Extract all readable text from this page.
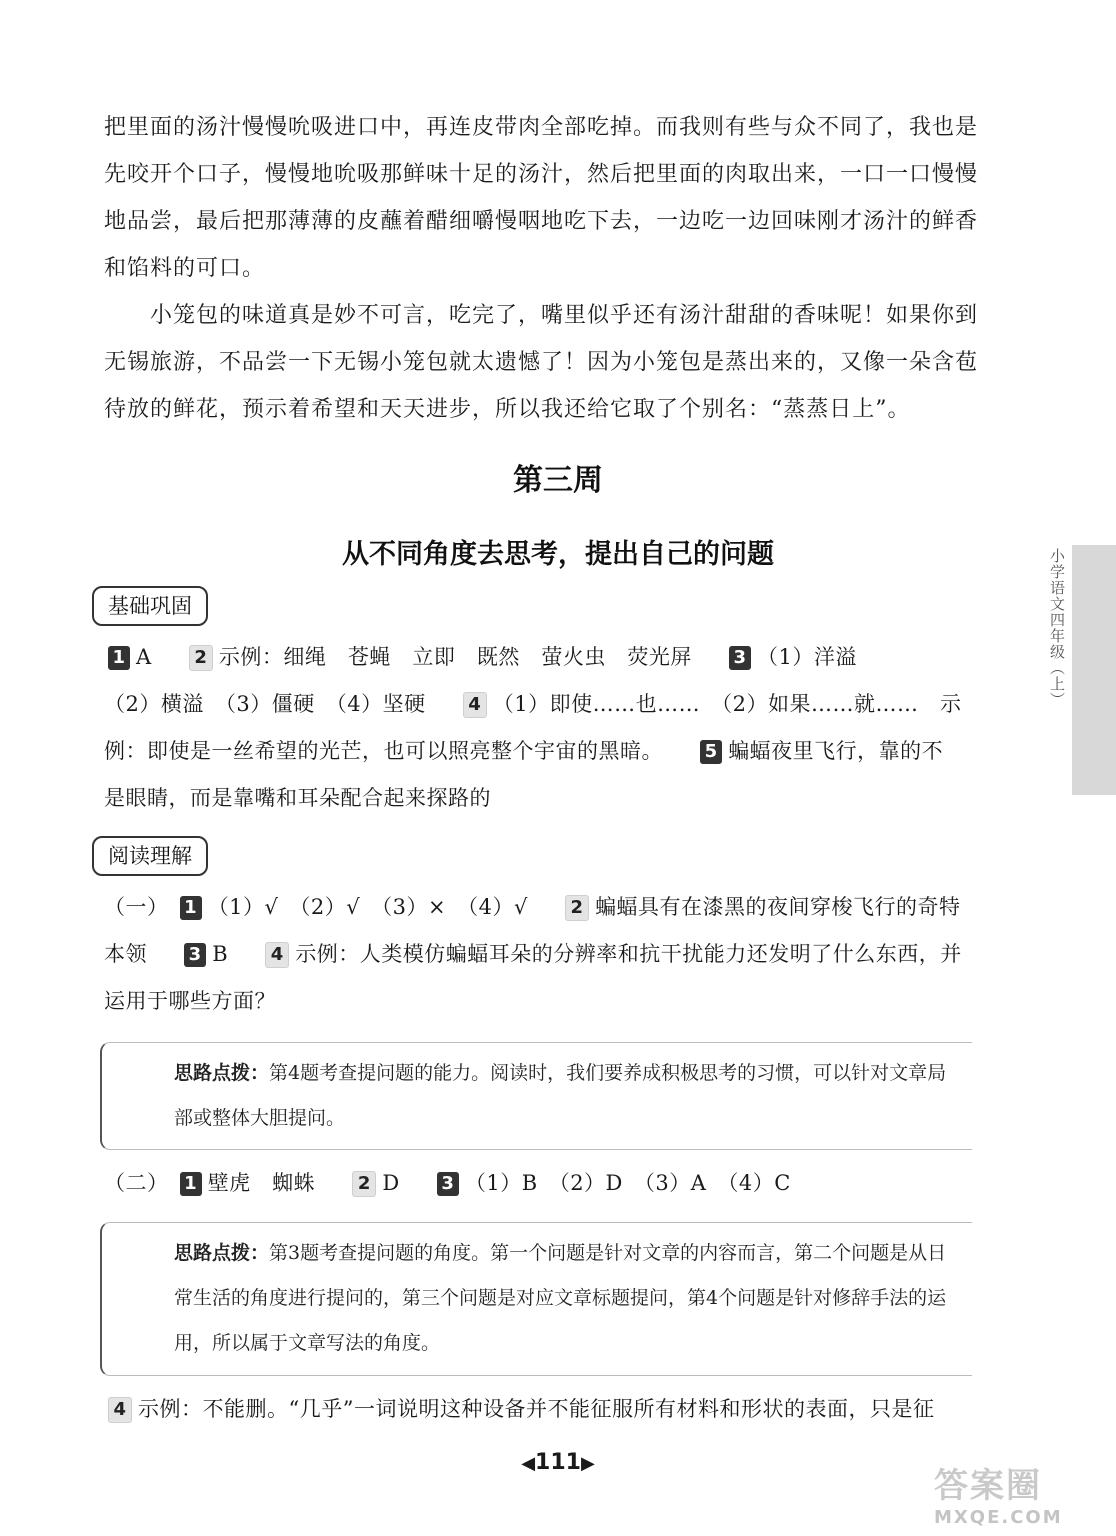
把里面的汤汁慢慢吮吸进口中，再连皮带肉全部吃掉。而我则有些与众不同了，我也是先咬开个口子，慢慢地吮吸那鲜味十足的汤汁，然后把里面的肉取出来，一口一口慢慢地品尝，最后把那薄薄的皮蘸着醋细嚼慢咽地吃下去，一边吃一边回味刚才汤汁的鲜香和馅料的可口。

小笼包的味道真是妙不可言，吃完了，嘴里似乎还有汤汁甜甜的香味呢！如果你到无锡旅游，不品尝一下无锡小笼包就太遗憾了！因为小笼包是蒸出来的，又像一朵含苞待放的鲜花，预示着希望和天天进步，所以我还给它取了个别名：“蒸蒸日上”。

第三周
从不同角度去思考，提出自己的问题
基础巩固
1 A 2 示例：细绳　苍蝇　立即　既然　萤火虫　荧光屏 3 （1）洋溢
（2）横溢　（3）僵硬　（4）坚硬 4 （1）即使……也……　（2）如果……就……　示
例：即使是一丝希望的光芒，也可以照亮整个宇宙的黑暗。 5 蝙蝠夜里飞行，靠的不
是眼睛，而是靠嘴和耳朵配合起来探路的
阅读理解
（一） 1 （1）√　（2）√　（3）×　（4）√ 2 蝙蝠具有在漆黑的夜间穿梭飞行的奇特
本领 3 B 4 示例：人类模仿蝙蝠耳朵的分辨率和抗干扰能力还发明了什么东西，并
运用于哪些方面？
思路点拨：第4题考查提问题的能力。阅读时，我们要养成积极思考的习惯，可以针对文章局部或整体大胆提问。
（二） 1 壁虎　蜘蛛 2 D 3 （1）B　（2）D　（3）A　（4）C
思路点拨：第3题考查提问题的角度。第一个问题是针对文章的内容而言，第二个问题是从日常生活的角度进行提问的，第三个问题是对应文章标题提问，第4个问题是针对修辞手法的运用，所以属于文章写法的角度。
4 示例：不能删。“几乎”一词说明这种设备并不能征服所有材料和形状的表面，只是征
◀111▶
小学语文四年级（上）
答案圈
MXQE.COM
